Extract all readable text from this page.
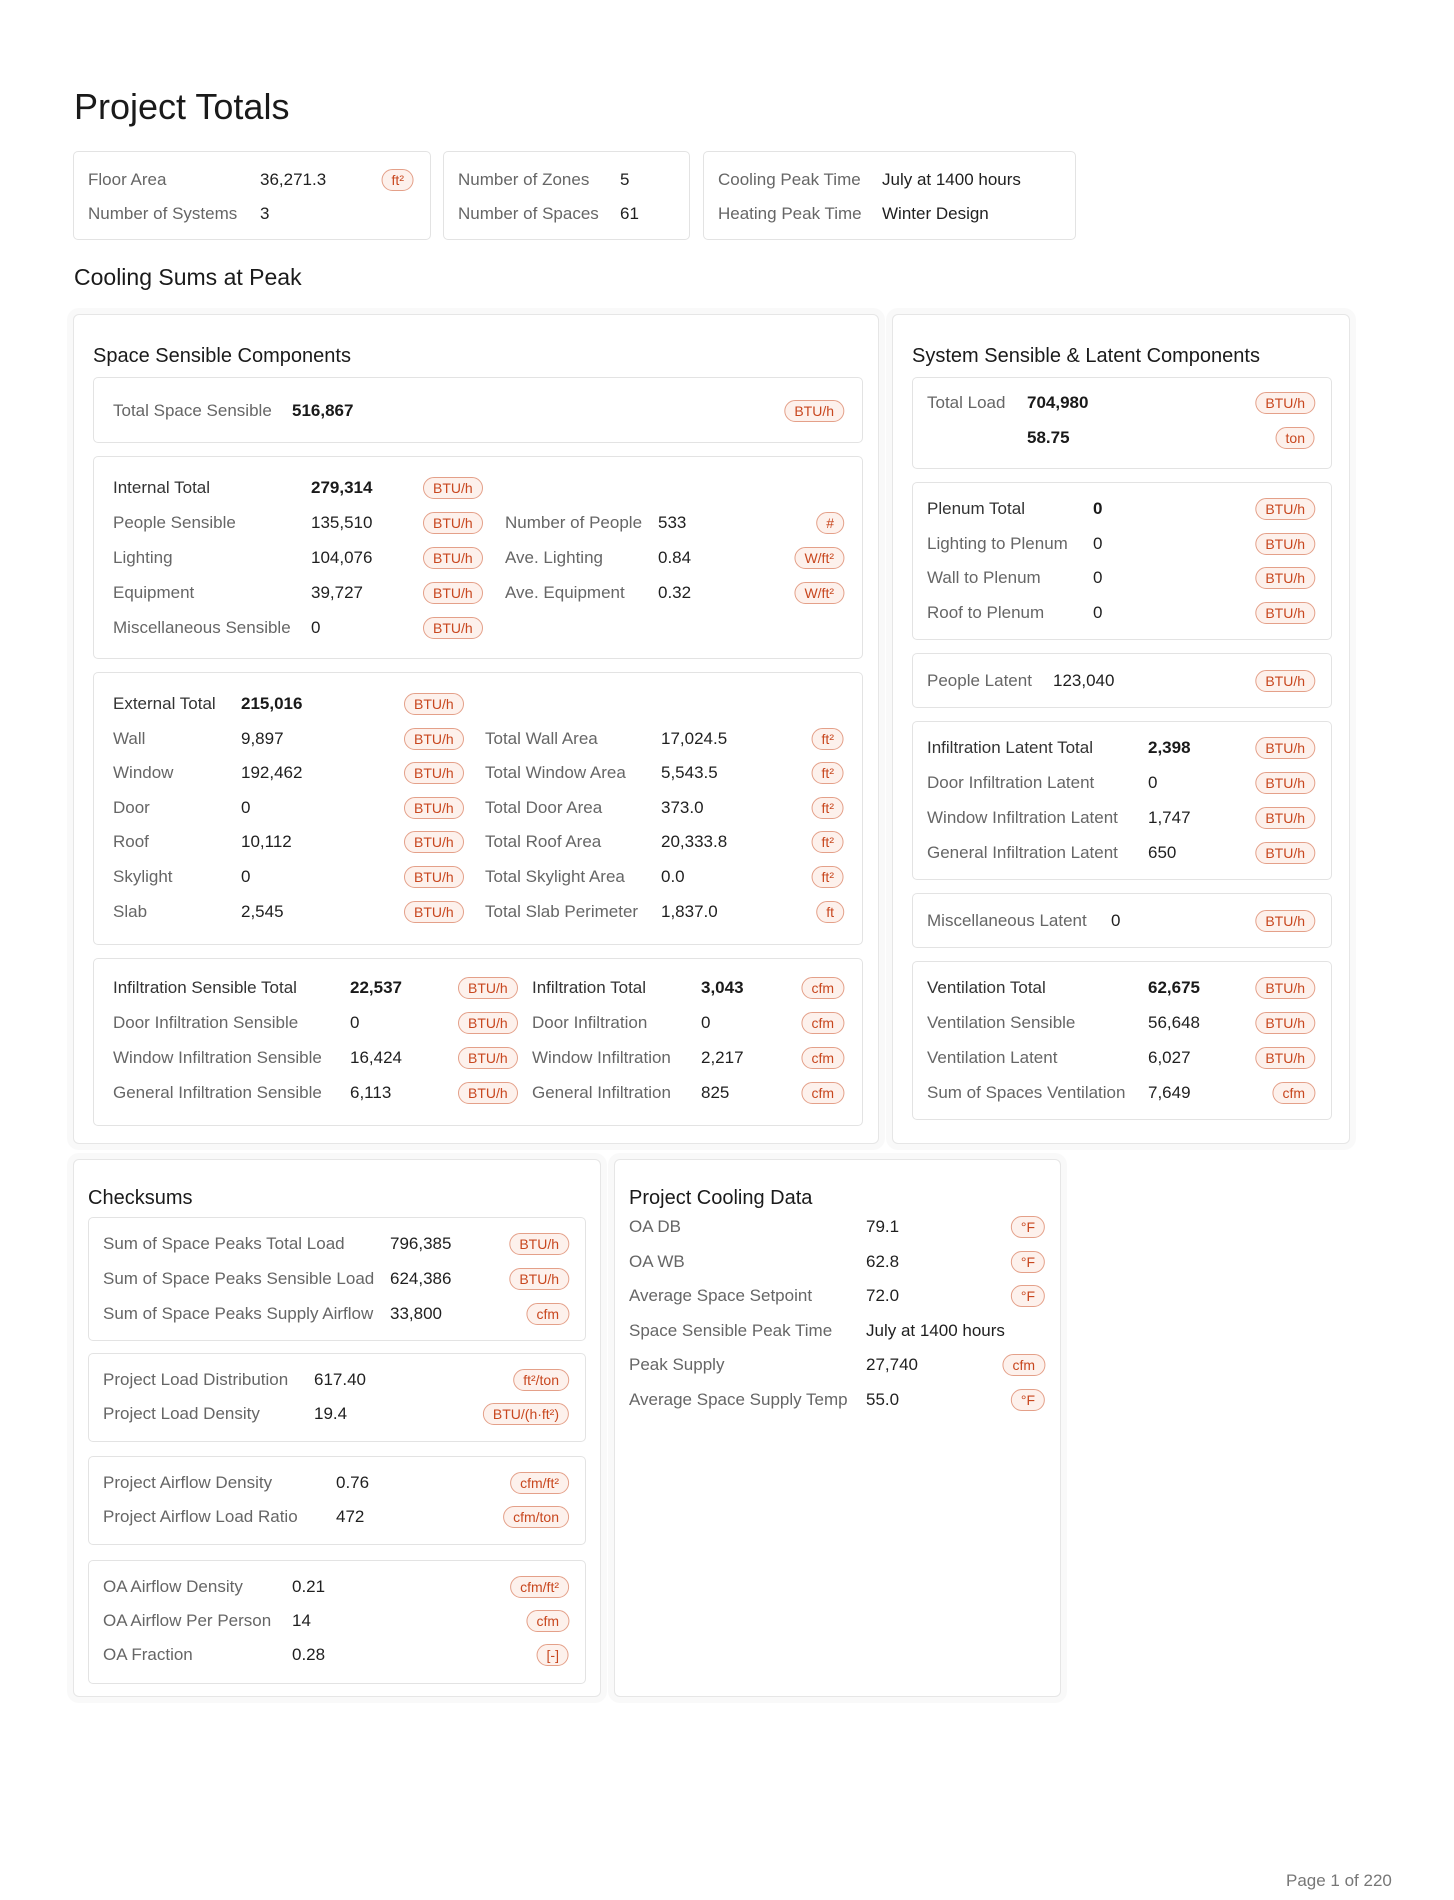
Project Totals
Floor Area	36,271.3	ft²
Number of Systems 3
Number of Zones 5
Number of Spaces 61
Cooling Peak Time July at 1400 hours
Heating Peak Time Winter Design
Cooling Sums at Peak
Space Sensible Components
Total Space Sensible 516,867	BTU/h
Internal Total	279,314	BTU/h
People Sensible	135,510	BTU/h	Number of People 533	#
Lighting	104,076	BTU/h	Ave. Lighting	0.84	W/ft²
Equipment	39,727	BTU/h	Ave. Equipment 0.32	W/ft²
Miscellaneous Sensible 0	BTU/h
External Total 215,016	BTU/h
Wall	9,897	BTU/h	Total Wall Area	17,024.5	ft²
Window	192,462	BTU/h	Total Window Area 5,543.5	ft²
Door	0	BTU/h	Total Door Area	373.0	ft²
Roof	10,112	BTU/h	Total Roof Area	20,333.8	ft²
Skylight	0	BTU/h	Total Skylight Area 0.0	ft²
Slab	2,545	BTU/h	Total Slab Perimeter 1,837.0	ft
Infiltration Sensible Total	22,537	BTU/h	Infiltration Total	3,043	cfm
Door Infiltration Sensible	0	BTU/h	Door Infiltration	0	cfm
Window Infiltration Sensible 16,424	BTU/h	Window Infiltration 2,217	cfm
General Infiltration Sensible 6,113	BTU/h	General Infiltration 825	cfm
System Sensible & Latent Components
Total Load 704,980	BTU/h
58.75	ton
Plenum Total	0	BTU/h
Lighting to Plenum 0	BTU/h
Wall to Plenum	0	BTU/h
Roof to Plenum	0	BTU/h
People Latent 123,040	BTU/h
Infiltration Latent Total	2,398	BTU/h
Door Infiltration Latent	0	BTU/h
Window Infiltration Latent 1,747	BTU/h
General Infiltration Latent 650	BTU/h
Miscellaneous Latent 0	BTU/h
Ventilation Total	62,675	BTU/h
Ventilation Sensible	56,648	BTU/h
Ventilation Latent	6,027	BTU/h
Sum of Spaces Ventilation 7,649	cfm
Checksums
Sum of Space Peaks Total Load	796,385	BTU/h
Sum of Space Peaks Sensible Load 624,386	BTU/h
Sum of Space Peaks Supply Airflow 33,800	cfm
Project Load Distribution 617.40	ft²/ton
Project Load Density	19.4	BTU/(h·ft²)
Project Airflow Density	0.76	cfm/ft²
Project Airflow Load Ratio 472	cfm/ton
OA Airflow Density	0.21	cfm/ft²
OA Airflow Per Person 14	cfm
OA Fraction	0.28	[-]
Project Cooling Data
OA DB	79.1	°F
OA WB	62.8	°F
Average Space Setpoint	72.0	°F
Space Sensible Peak Time July at 1400 hours
Peak Supply	27,740	cfm
Average Space Supply Temp 55.0	°F
Page 1 of 220
